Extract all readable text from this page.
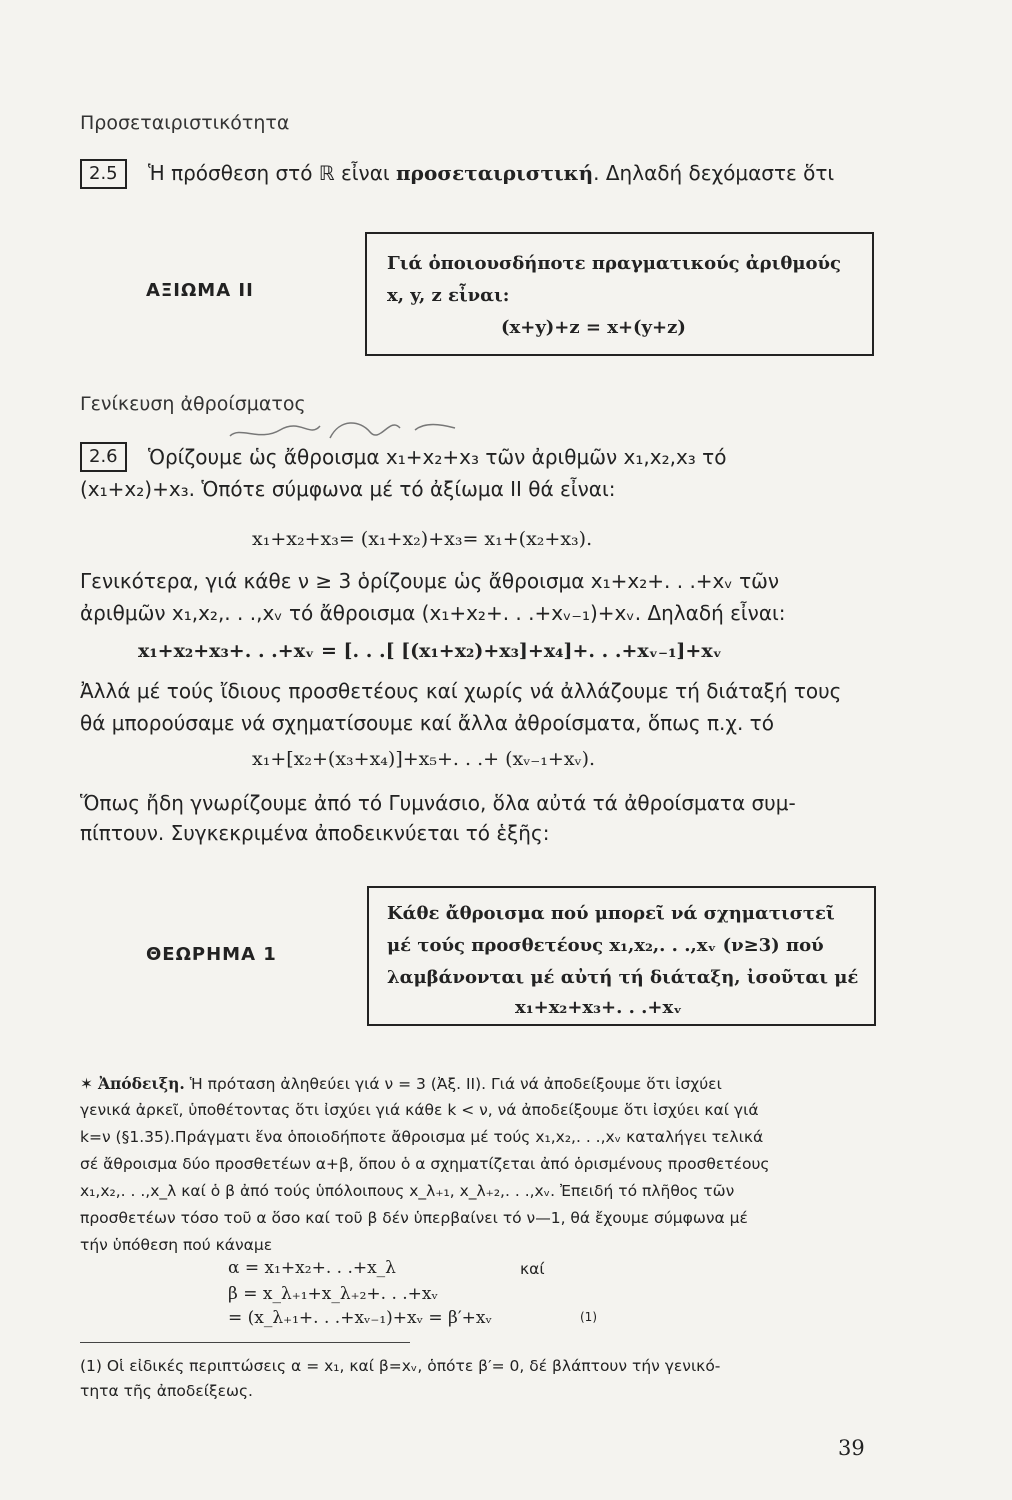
Προσεταιριστικότητα
2.5	Ἡ πρόσθεση στό ℝ εἶναι προσεταιριστική. Δηλαδή δεχόμαστε ὅτι
ΑΞΙΩΜΑ ΙΙ
Γιά ὁποιουσδήποτε πραγματικούς ἀριθμούς
x, y, z εἶναι:
(x+y)+z = x+(y+z)
Γενίκευση ἀθροίσματος
2.6	Ὁρίζουμε ὡς ἄθροισμα x₁+x₂+x₃ τῶν ἀριθμῶν x₁,x₂,x₃ τό
(x₁+x₂)+x₃. Ὁπότε σύμφωνα μέ τό ἀξίωμα ΙΙ θά εἶναι:
x₁+x₂+x₃= (x₁+x₂)+x₃= x₁+(x₂+x₃).
Γενικότερα, γιά κάθε ν ≥ 3 ὁρίζουμε ὡς ἄθροισμα x₁+x₂+. . .+xᵥ τῶν
ἀριθμῶν x₁,x₂,. . .,xᵥ τό ἄθροισμα (x₁+x₂+. . .+xᵥ₋₁)+xᵥ. Δηλαδή εἶναι:
x₁+x₂+x₃+. . .+xᵥ = [. . .[ [(x₁+x₂)+x₃]+x₄]+. . .+xᵥ₋₁]+xᵥ
Ἀλλά μέ τούς ἴδιους προσθετέους καί χωρίς νά ἀλλάζουμε τή διάταξή τους
θά μπορούσαμε νά σχηματίσουμε καί ἄλλα ἀθροίσματα, ὅπως π.χ. τό
x₁+[x₂+(x₃+x₄)]+x₅+. . .+ (xᵥ₋₁+xᵥ).
Ὅπως ἤδη γνωρίζουμε ἀπό τό Γυμνάσιο, ὅλα αὐτά τά ἀθροίσματα συμ-
πίπτουν. Συγκεκριμένα ἀποδεικνύεται τό ἑξῆς:
ΘΕΩΡΗΜΑ 1
Κάθε ἄθροισμα πού μπορεῖ νά σχηματιστεῖ
μέ τούς προσθετέους x₁,x₂,. . .,xᵥ (ν≥3) πού
λαμβάνονται μέ αὐτή τή διάταξη, ἰσοῦται μέ
x₁+x₂+x₃+. . .+xᵥ
✶ Ἀπόδειξη. Ἡ πρόταση ἀληθεύει γιά ν = 3 (Ἀξ. ΙΙ). Γιά νά ἀποδείξουμε ὅτι ἰσχύει
γενικά ἀρκεῖ, ὑποθέτοντας ὅτι ἰσχύει γιά κάθε k < ν, νά ἀποδείξουμε ὅτι ἰσχύει καί γιά
k=ν (§1.35).Πράγματι ἕνα ὁποιοδήποτε ἄθροισμα μέ τούς x₁,x₂,. . .,xᵥ καταλήγει τελικά
σέ ἄθροισμα δύο προσθετέων α+β, ὅπου ὁ α σχηματίζεται ἀπό ὁρισμένους προσθετέους
x₁,x₂,. . .,x_λ καί ὁ β ἀπό τούς ὑπόλοιπους x_λ₊₁, x_λ₊₂,. . .,xᵥ. Ἐπειδή τό πλῆθος τῶν
προσθετέων τόσο τοῦ α ὅσο καί τοῦ β δέν ὑπερβαίνει τό ν—1, θά ἔχουμε σύμφωνα μέ
τήν ὑπόθεση πού κάναμε
α = x₁+x₂+. . .+x_λ	καί
β = x_λ₊₁+x_λ₊₂+. . .+xᵥ
= (x_λ₊₁+. . .+xᵥ₋₁)+xᵥ = β′+xᵥ	(1)
(1) Οἱ εἰδικές περιπτώσεις α = x₁, καί β=xᵥ, ὁπότε β′= 0, δέ βλάπτουν τήν γενικό-
τητα τῆς ἀποδείξεως.
39
